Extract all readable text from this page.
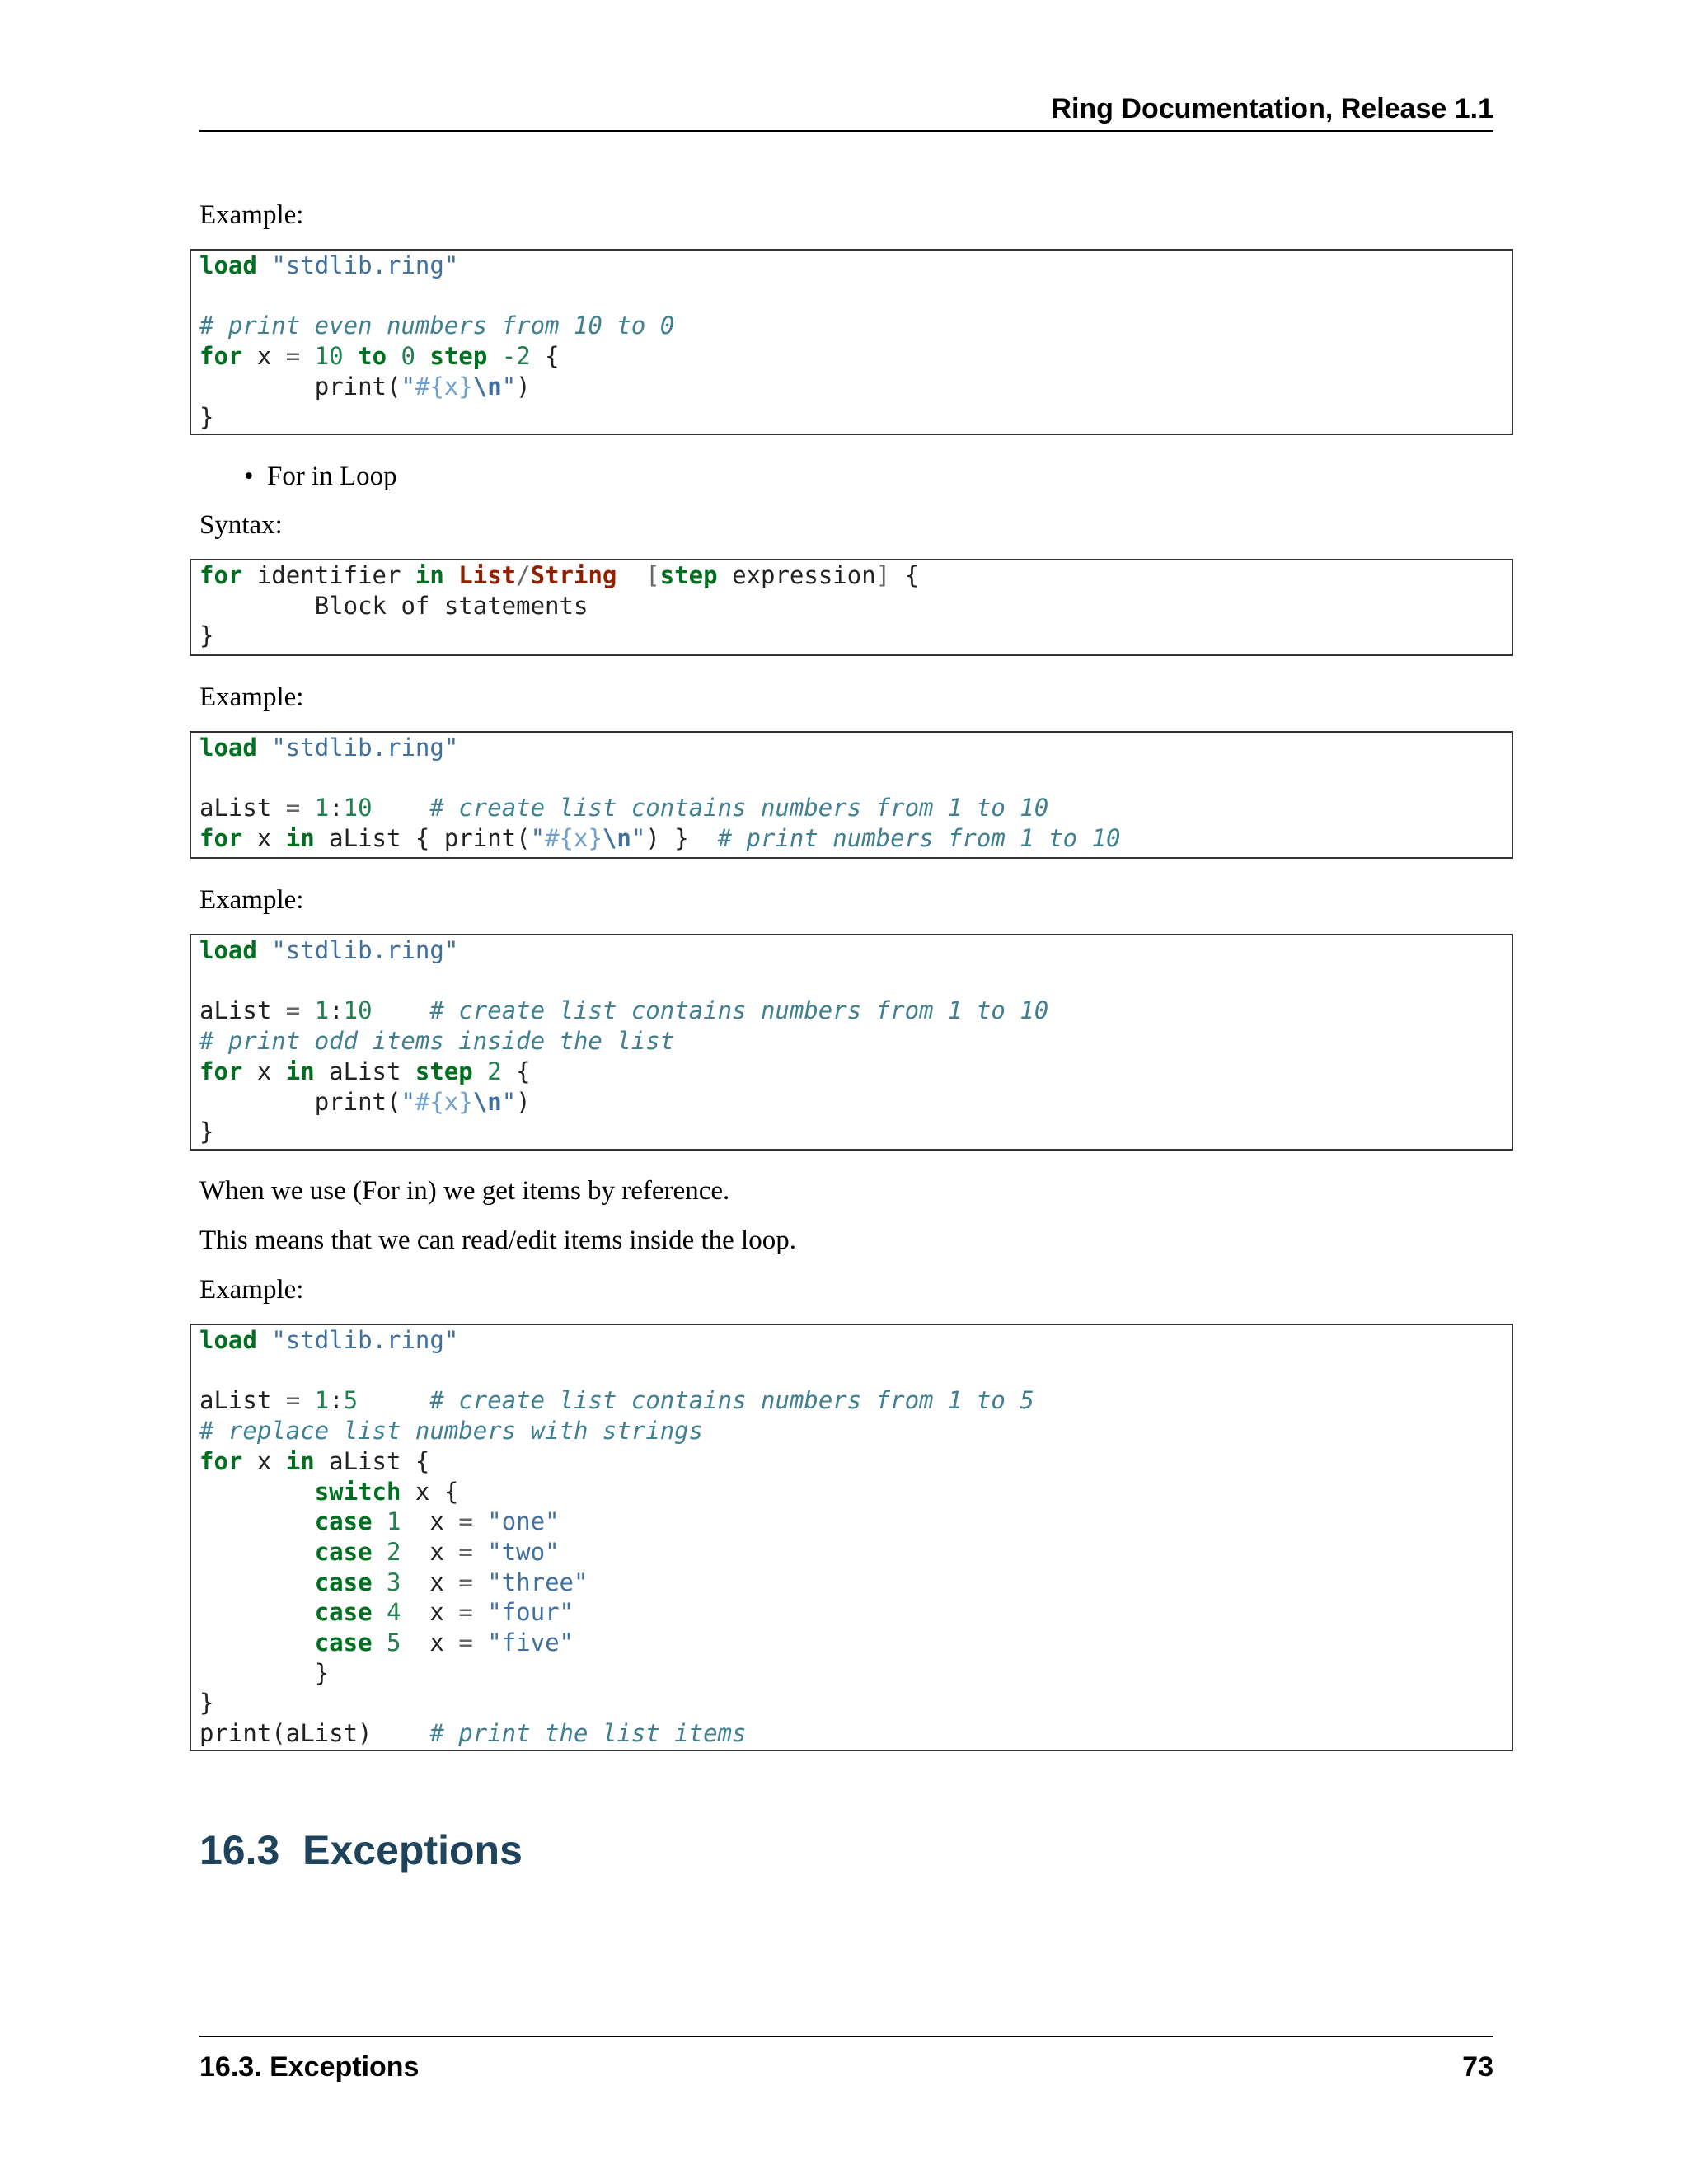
Ring Documentation, Release 1.1
Example:
load "stdlib.ring"

# print even numbers from 10 to 0
for x = 10 to 0 step -2 {
print("#{x}\n")
}
• For in Loop
Syntax:
for identifier in List/String [step expression] {
Block of statements
}
Example:
load "stdlib.ring"

aList = 1:10 # create list contains numbers from 1 to 10
for x in aList { print("#{x}\n") } # print numbers from 1 to 10
Example:
load "stdlib.ring"

aList = 1:10 # create list contains numbers from 1 to 10
# print odd items inside the list
for x in aList step 2 {
print("#{x}\n")
}
When we use (For in) we get items by reference.
This means that we can read/edit items inside the loop.
Example:
load "stdlib.ring"

aList = 1:5	# create list contains numbers from 1 to 5
# replace list numbers with strings
for x in aList {
switch x {
case 1 x = "one"
case 2 x = "two"
case 3 x = "three"
case 4 x = "four"
case 5 x = "five"
}
}
print(aList) # print the list items
16.3 Exceptions
16.3. Exceptions	73
